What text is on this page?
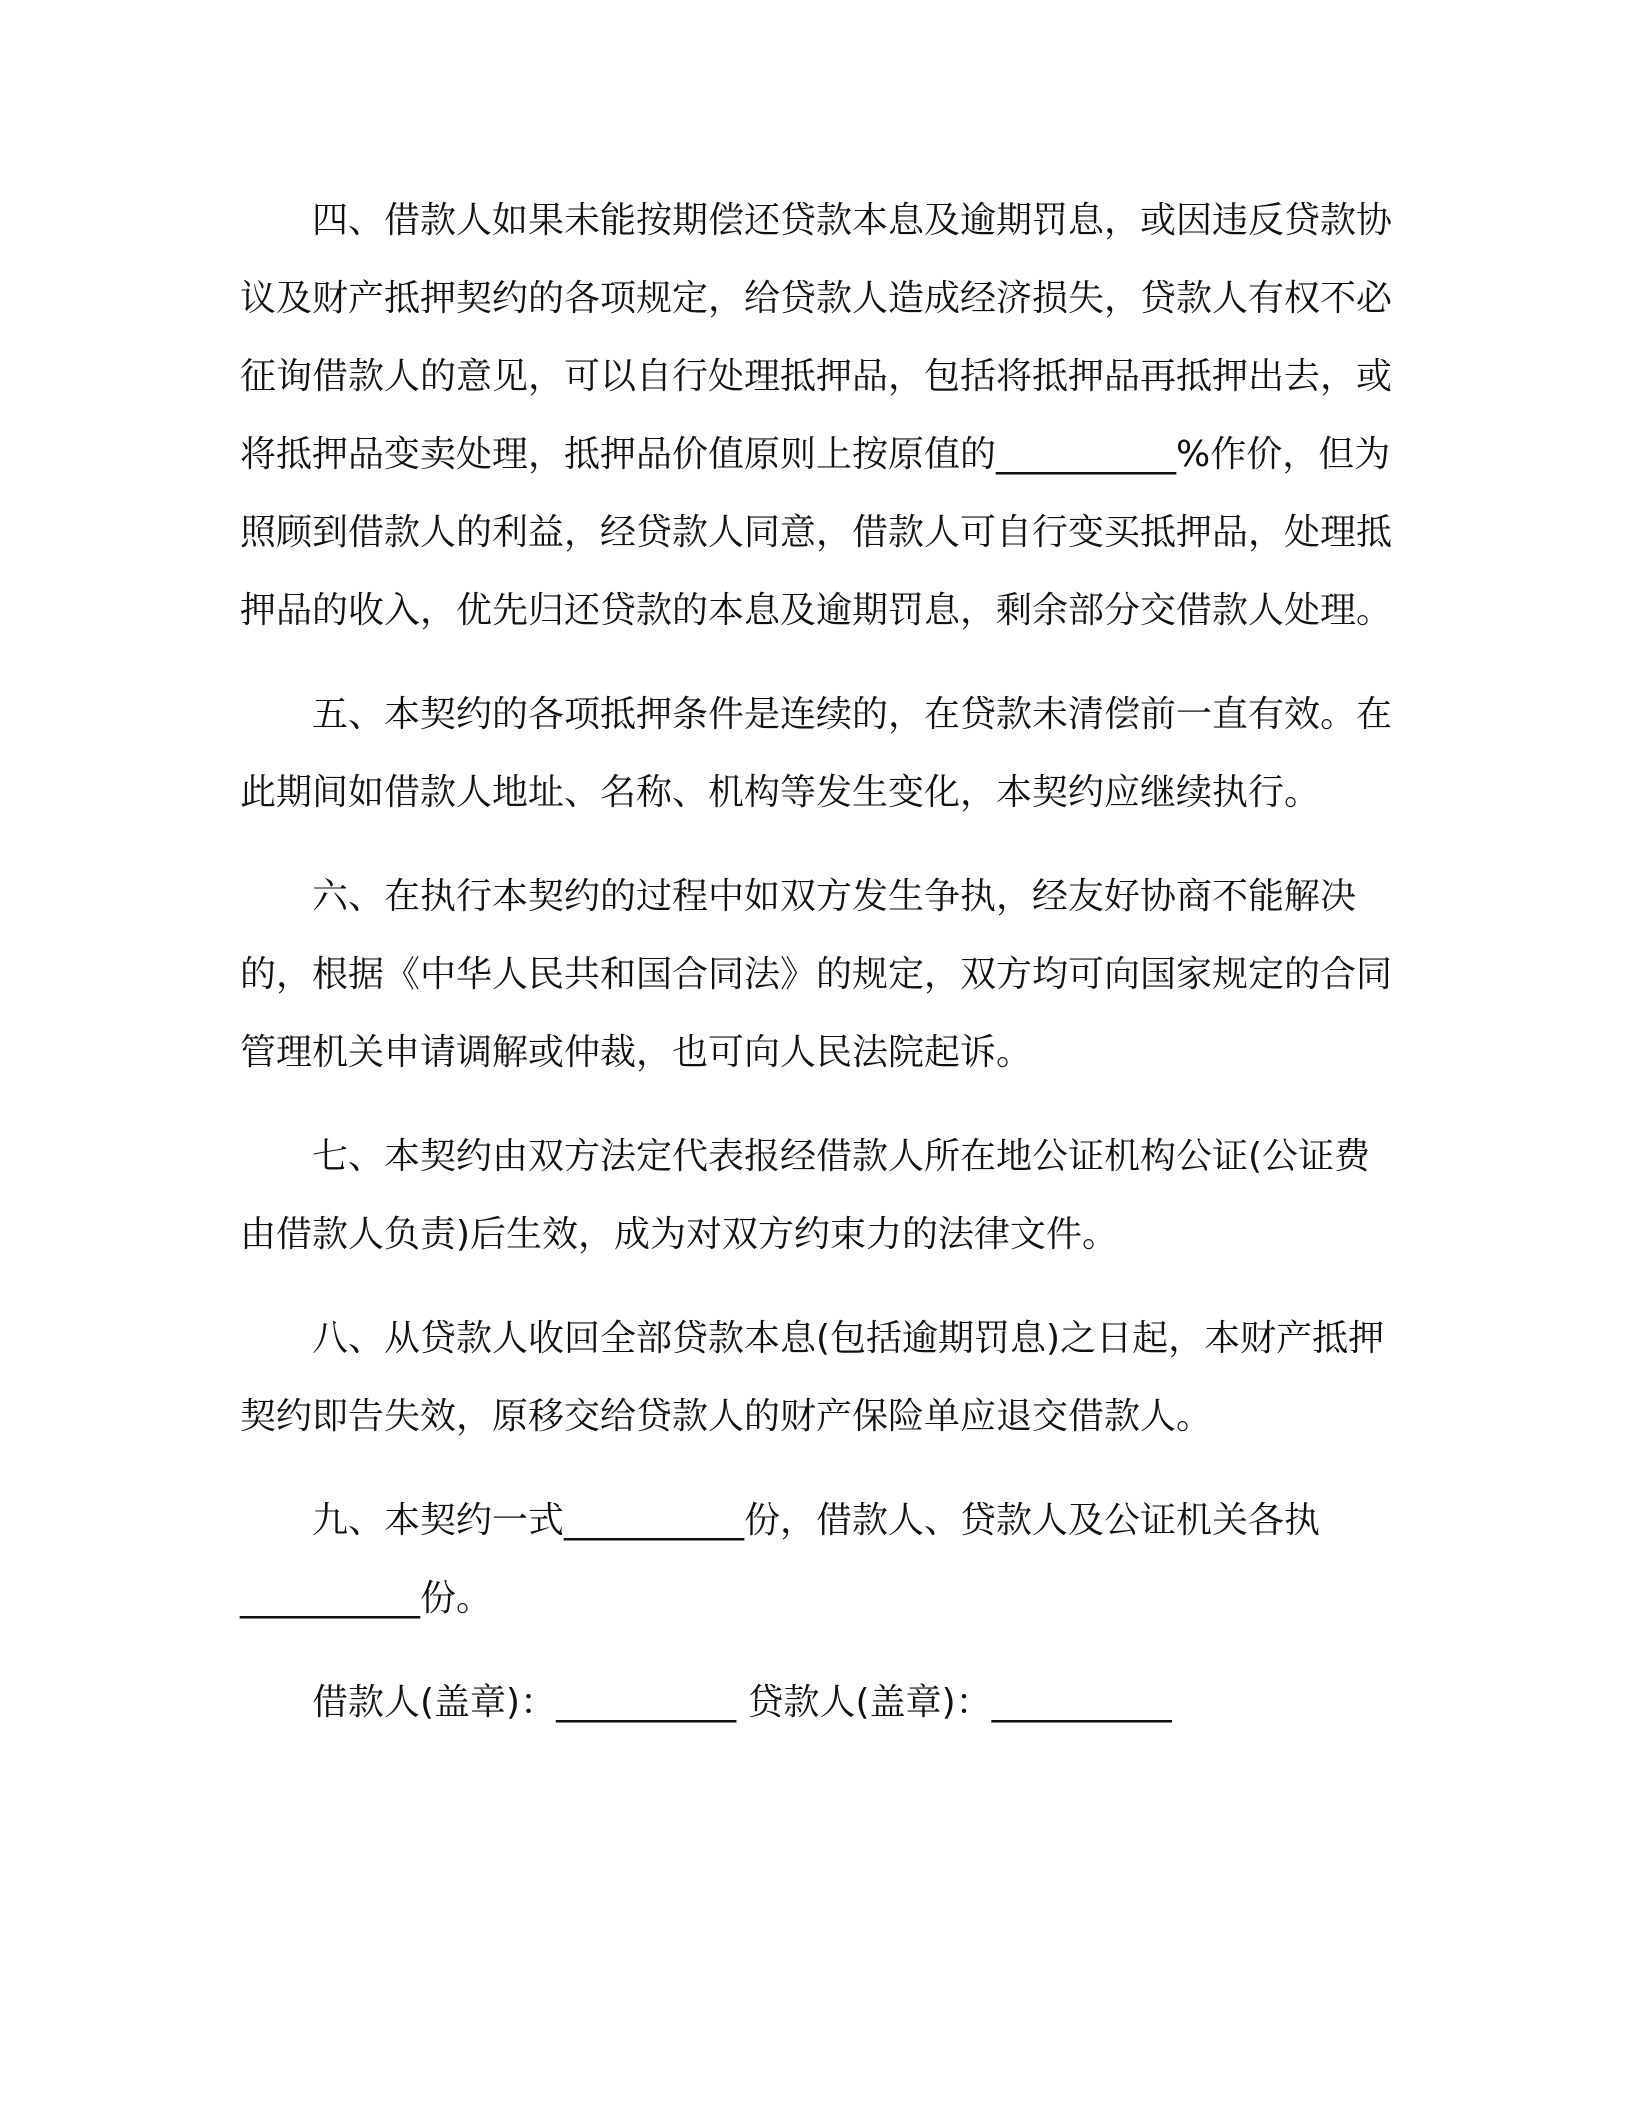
四、借款人如果未能按期偿还贷款本息及逾期罚息，或因违反贷款协议及财产抵押契约的各项规定，给贷款人造成经济损失，贷款人有权不必征询借款人的意见，可以自行处理抵押品，包括将抵押品再抵押出去，或将抵押品变卖处理，抵押品价值原则上按原值的__________%作价，但为照顾到借款人的利益，经贷款人同意，借款人可自行变买抵押品，处理抵押品的收入，优先归还贷款的本息及逾期罚息，剩余部分交借款人处理。

五、本契约的各项抵押条件是连续的，在贷款未清偿前一直有效。在此期间如借款人地址、名称、机构等发生变化，本契约应继续执行。

六、在执行本契约的过程中如双方发生争执，经友好协商不能解决的，根据《中华人民共和国合同法》的规定，双方均可向国家规定的合同管理机关申请调解或仲裁，也可向人民法院起诉。

七、本契约由双方法定代表报经借款人所在地公证机构公证(公证费由借款人负责)后生效，成为对双方约束力的法律文件。

八、从贷款人收回全部贷款本息(包括逾期罚息)之日起，本财产抵押契约即告失效，原移交给贷款人的财产保险单应退交借款人。

九、本契约一式__________份，借款人、贷款人及公证机关各执__________份。

借款人(盖章)：__________ 贷款人(盖章)：__________
